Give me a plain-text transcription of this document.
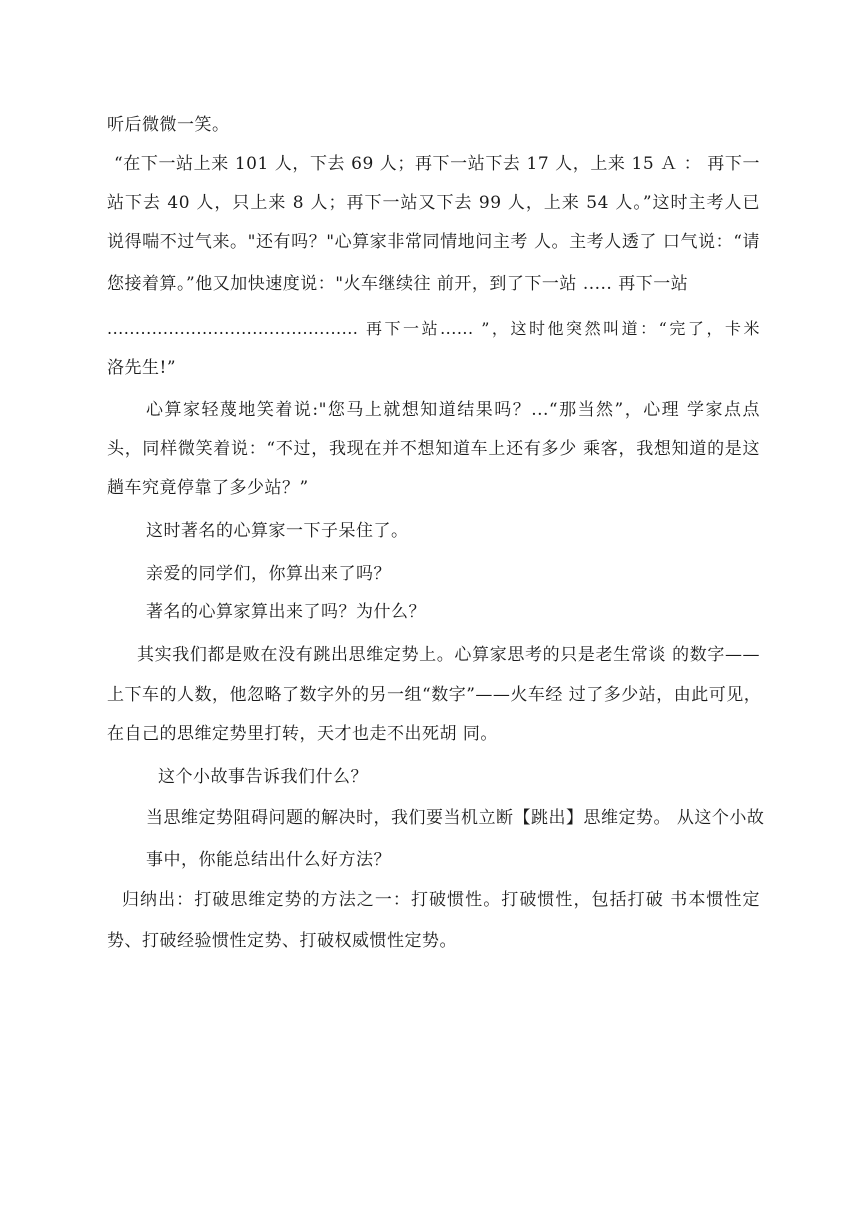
听后微微一笑。
“在下一站上来 101 人，下去 69 人；再下一站下去 17 人，上来 15 Ａ ： 再下一
站下去 40 人，只上来 8 人；再下一站又下去 99 人，上来 54 人。”这时主考人已
说得喘不过气来。"还有吗？"心算家非常同情地问主考 人。主考人透了 口气说：“请
您接着算。”他又加快速度说："火车继续往 前开，到了下一站 ..... 再下一站
............................................. 再下一站...... ”，这时他突然叫道：“完了，卡米
洛先生!”
心算家轻蔑地笑着说:"您马上就想知道结果吗？...“那当然”，心理 学家点点
头，同样微笑着说：“不过，我现在并不想知道车上还有多少 乘客，我想知道的是这
趟车究竟停靠了多少站？”
这时著名的心算家一下子呆住了。
亲爱的同学们，你算出来了吗？
著名的心算家算出来了吗？为什么？
其实我们都是败在没有跳出思维定势上。心算家思考的只是老生常谈 的数字——
上下车的人数，他忽略了数字外的另一组“数字”——火车经 过了多少站，由此可见，
在自己的思维定势里打转，天才也走不出死胡 同。
这个小故事告诉我们什么？
当思维定势阻碍问题的解决时，我们要当机立断【跳出】思维定势。 从这个小故
事中，你能总结出什么好方法？
归纳出：打破思维定势的方法之一：打破惯性。打破惯性，包括打破 书本惯性定
势、打破经验惯性定势、打破权威惯性定势。
